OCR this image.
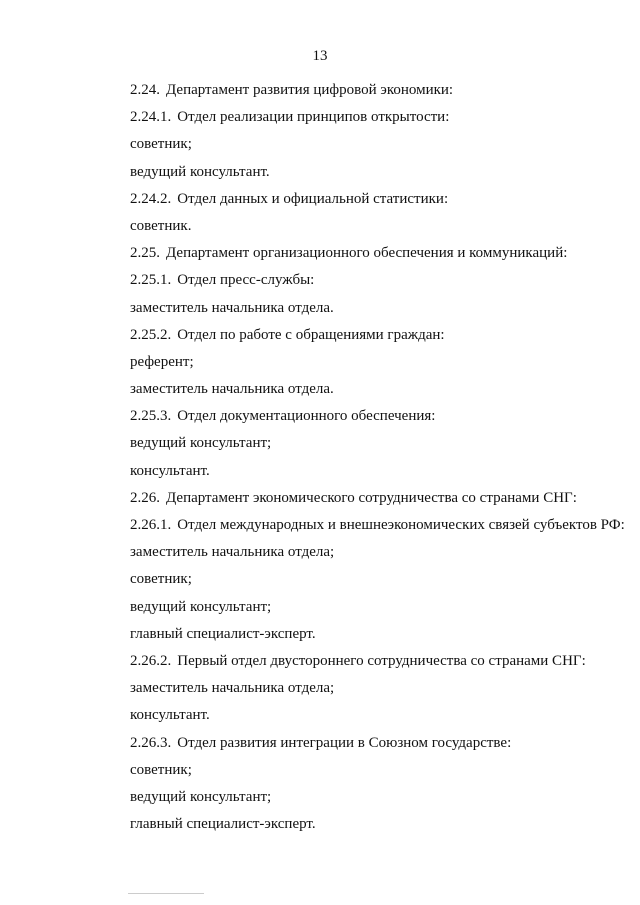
13
2.24. Департамент развития цифровой экономики:
2.24.1. Отдел реализации принципов открытости:
советник;
ведущий консультант.
2.24.2. Отдел данных и официальной статистики:
советник.
2.25. Департамент организационного обеспечения и коммуникаций:
2.25.1. Отдел пресс-службы:
заместитель начальника отдела.
2.25.2. Отдел по работе с обращениями граждан:
референт;
заместитель начальника отдела.
2.25.3. Отдел документационного обеспечения:
ведущий консультант;
консультант.
2.26. Департамент экономического сотрудничества со странами СНГ:
2.26.1. Отдел международных и внешнеэкономических связей субъектов РФ:
заместитель начальника отдела;
советник;
ведущий консультант;
главный специалист-эксперт.
2.26.2. Первый отдел двустороннего сотрудничества со странами СНГ:
заместитель начальника отдела;
консультант.
2.26.3. Отдел развития интеграции в Союзном государстве:
советник;
ведущий консультант;
главный специалист-эксперт.
